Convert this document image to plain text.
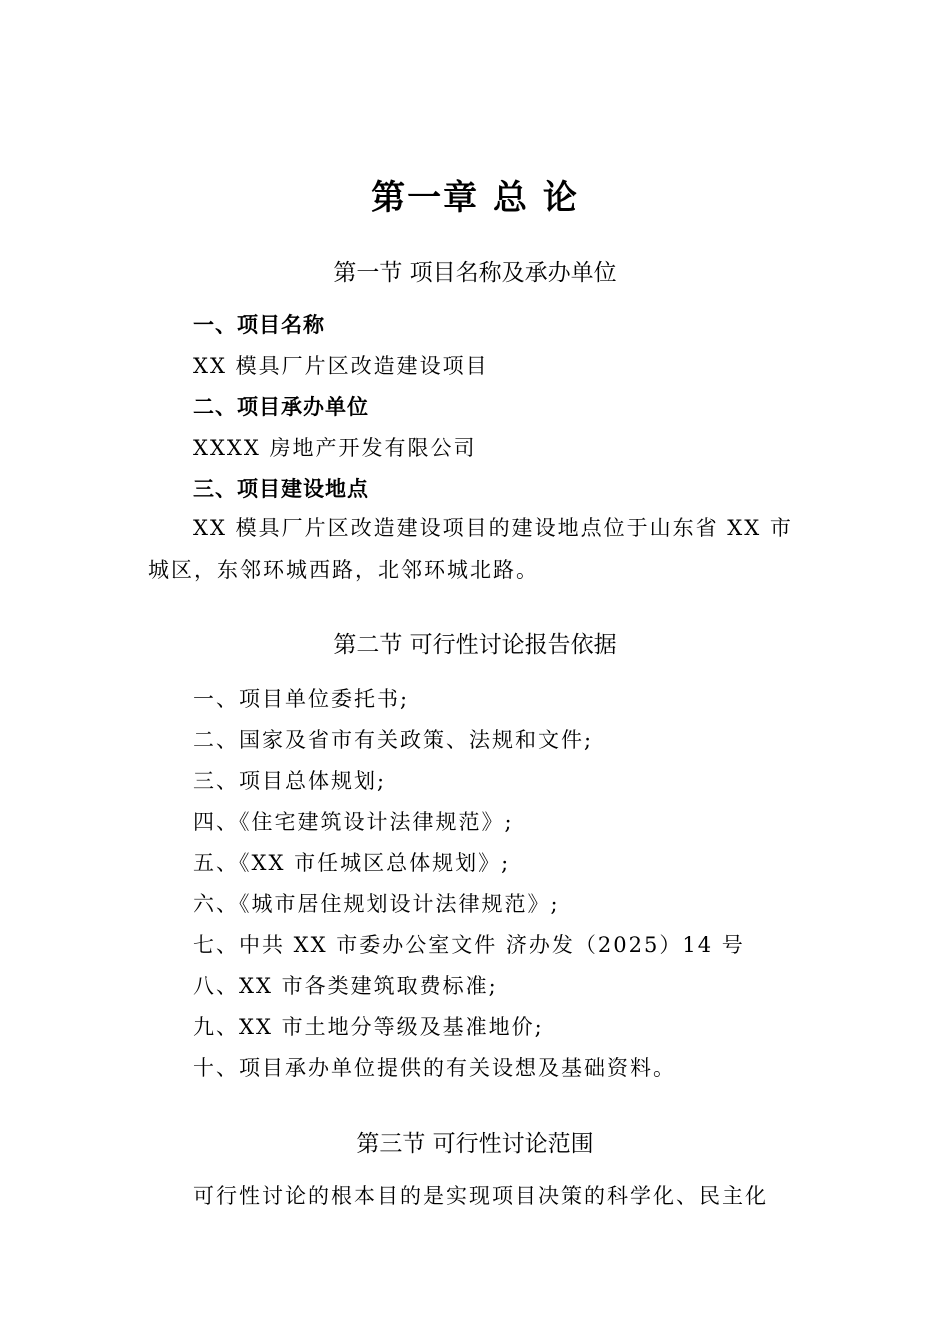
第一章 总 论
第一节 项目名称及承办单位
一、项目名称

XX 模具厂片区改造建设项目

二、项目承办单位

XXXX 房地产开发有限公司

三、项目建设地点

XX 模具厂片区改造建设项目的建设地点位于山东省 XX 市城区，东邻环城西路，北邻环城北路。

第二节 可行性讨论报告依据
一、项目单位委托书;
二、国家及省市有关政策、法规和文件;
三、项目总体规划;
四、《住宅建筑设计法律规范》;
五、《XX 市任城区总体规划》;
六、《城市居住规划设计法律规范》;
七、中共 XX 市委办公室文件 济办发（2025）14 号
八、XX 市各类建筑取费标准;
九、XX 市土地分等级及基准地价;
十、项目承办单位提供的有关设想及基础资料。
第三节 可行性讨论范围

可行性讨论的根本目的是实现项目决策的科学化、民主化
